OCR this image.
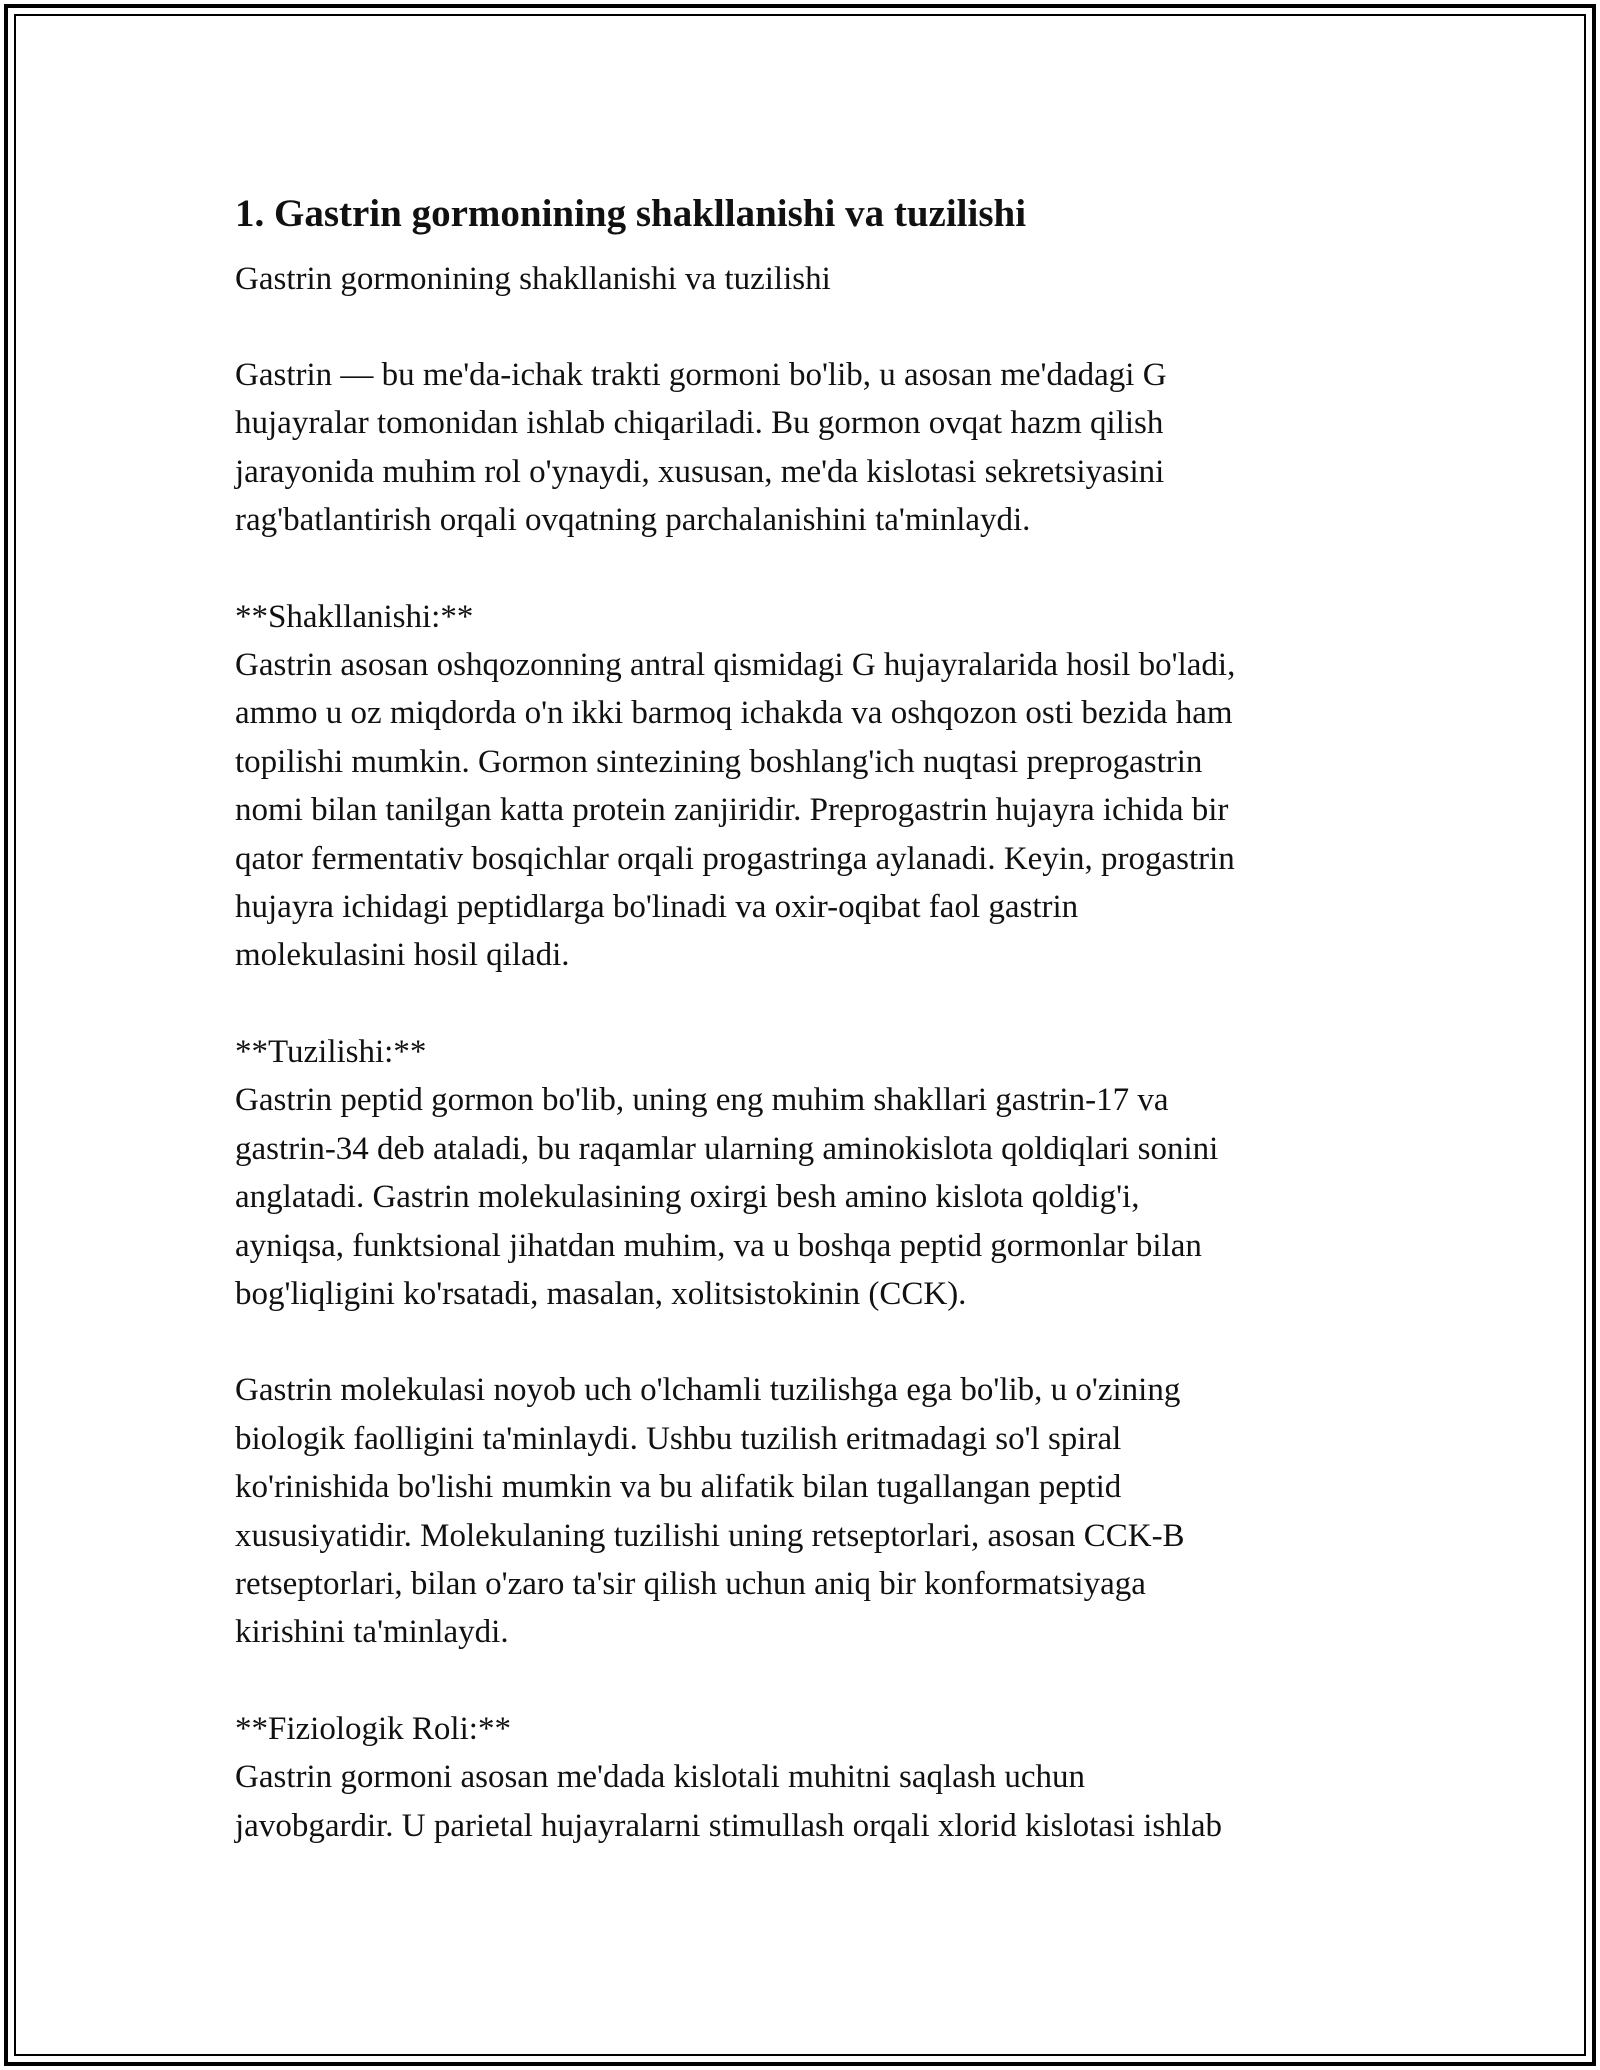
1. Gastrin gormonining shakllanishi va tuzilishi

Gastrin gormonining shakllanishi va tuzilishi

Gastrin — bu me'da-ichak trakti gormoni bo'lib, u asosan me'dadagi G
hujayralar tomonidan ishlab chiqariladi. Bu gormon ovqat hazm qilish
jarayonida muhim rol o'ynaydi, xususan, me'da kislotasi sekretsiyasini
rag'batlantirish orqali ovqatning parchalanishini ta'minlaydi.

**Shakllanishi:**
Gastrin asosan oshqozonning antral qismidagi G hujayralarida hosil bo'ladi,
ammo u oz miqdorda o'n ikki barmoq ichakda va oshqozon osti bezida ham
topilishi mumkin. Gormon sintezining boshlang'ich nuqtasi preprogastrin
nomi bilan tanilgan katta protein zanjiridir. Preprogastrin hujayra ichida bir
qator fermentativ bosqichlar orqali progastringa aylanadi. Keyin, progastrin
hujayra ichidagi peptidlarga bo'linadi va oxir-oqibat faol gastrin
molekulasini hosil qiladi.

**Tuzilishi:**
Gastrin peptid gormon bo'lib, uning eng muhim shakllari gastrin-17 va
gastrin-34 deb ataladi, bu raqamlar ularning aminokislota qoldiqlari sonini
anglatadi. Gastrin molekulasining oxirgi besh amino kislota qoldig'i,
ayniqsa, funktsional jihatdan muhim, va u boshqa peptid gormonlar bilan
bog'liqligini ko'rsatadi, masalan, xolitsistokinin (CCK).

Gastrin molekulasi noyob uch o'lchamli tuzilishga ega bo'lib, u o'zining
biologik faolligini ta'minlaydi. Ushbu tuzilish eritmadagi so'l spiral
ko'rinishida bo'lishi mumkin va bu alifatik bilan tugallangan peptid
xususiyatidir. Molekulaning tuzilishi uning retseptorlari, asosan CCK-B
retseptorlari, bilan o'zaro ta'sir qilish uchun aniq bir konformatsiyaga
kirishini ta'minlaydi.

**Fiziologik Roli:**
Gastrin gormoni asosan me'dada kislotali muhitni saqlash uchun
javobgardir. U parietal hujayralarni stimullash orqali xlorid kislotasi ishlab
